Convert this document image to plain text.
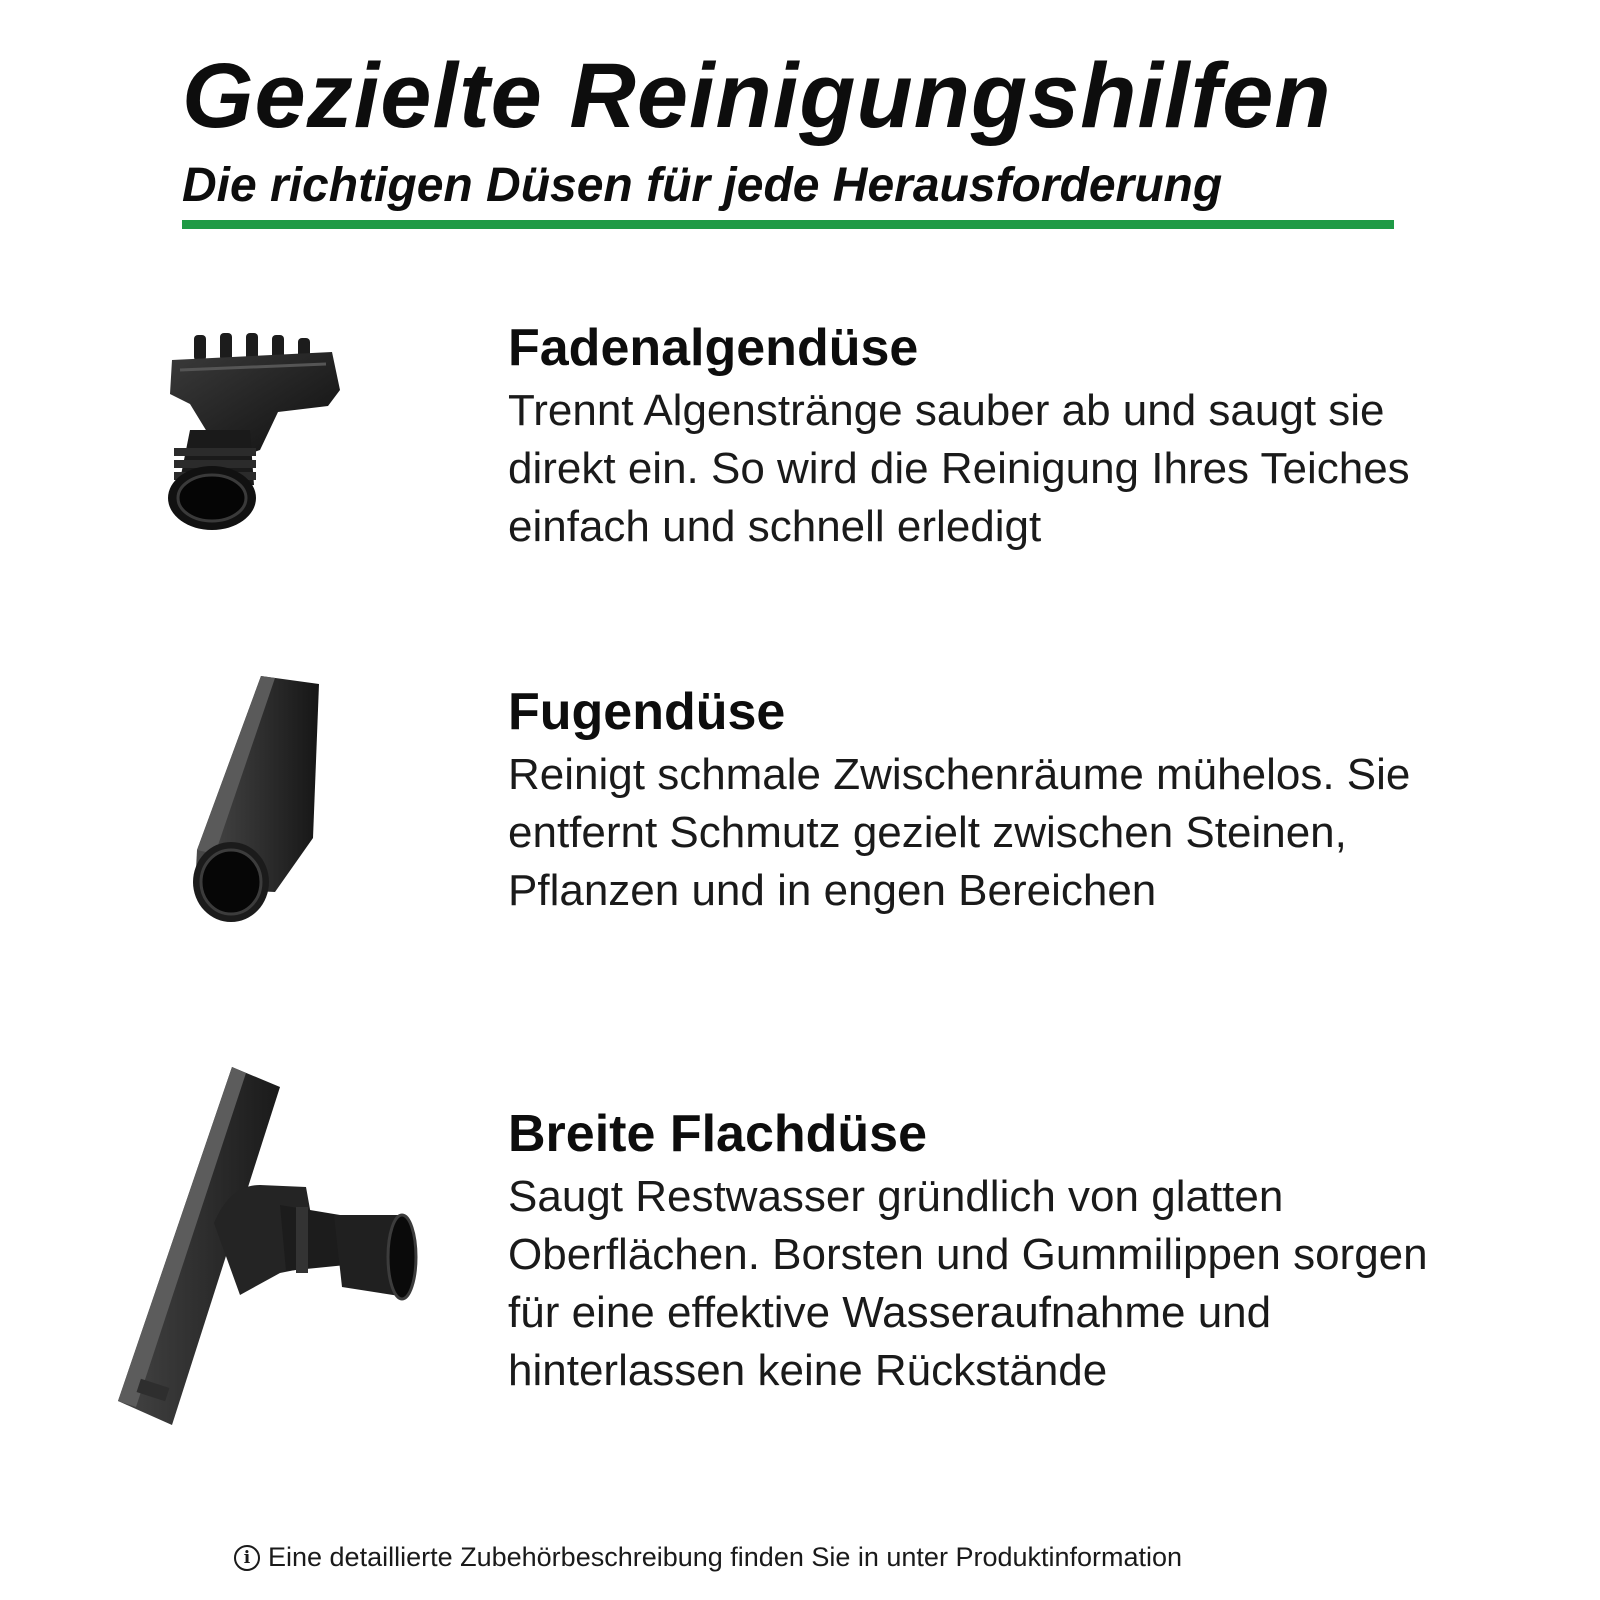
Gezielte Reinigungshilfen
Die richtigen Düsen für jede Herausforderung
Fadenalgendüse
Trennt Algenstränge sauber ab und saugt sie
direkt ein. So wird die Reinigung Ihres Teiches
einfach und schnell erledigt
Fugendüse
Reinigt schmale Zwischenräume mühelos. Sie
entfernt Schmutz gezielt zwischen Steinen,
Pflanzen und in engen Bereichen
Breite Flachdüse
Saugt Restwasser gründlich von glatten
Oberflächen. Borsten und Gummilippen sorgen
für eine effektive Wasseraufnahme und
hinterlassen keine Rückstände
i Eine detaillierte Zubehörbeschreibung finden Sie in unter Produktinformation
